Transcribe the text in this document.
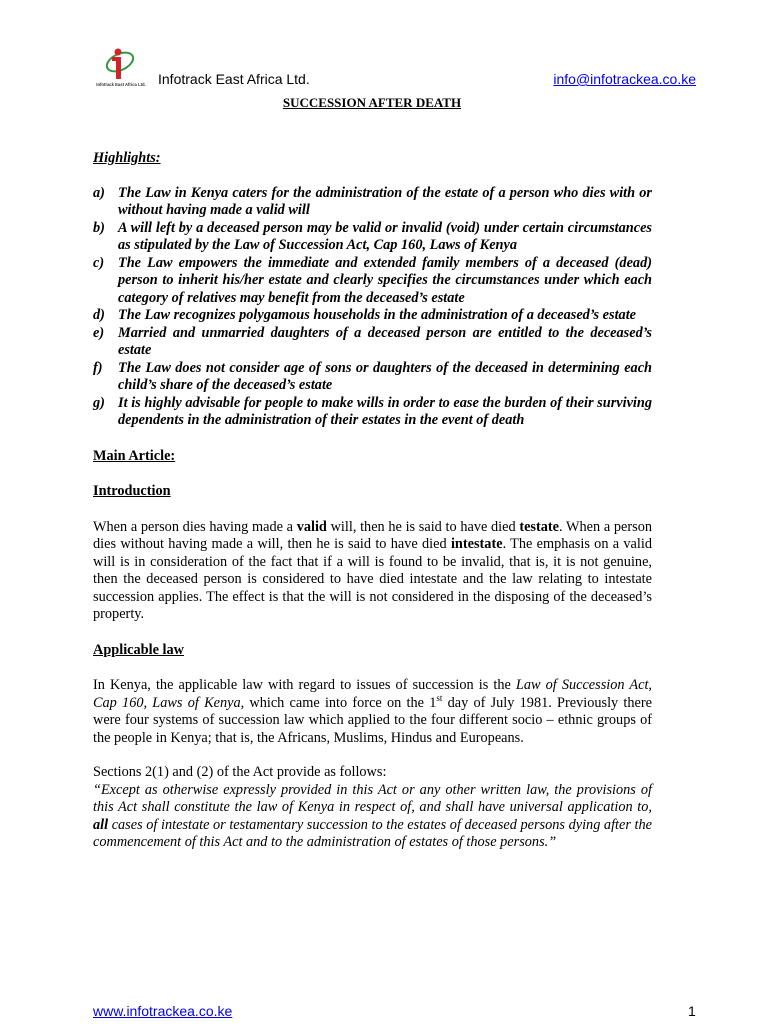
Infotrack East Africa Ltd. Infotrack East Africa Ltd.	info@infotrackea.co.ke
SUCCESSION AFTER DEATH
Highlights:
a) The Law in Kenya caters for the administration of the estate of a person who dies with or without having made a valid will
b) A will left by a deceased person may be valid or invalid (void) under certain circumstances as stipulated by the Law of Succession Act, Cap 160, Laws of Kenya
c) The Law empowers the immediate and extended family members of a deceased (dead) person to inherit his/her estate and clearly specifies the circumstances under which each category of relatives may benefit from the deceased’s estate
d) The Law recognizes polygamous households in the administration of a deceased’s estate
e) Married and unmarried daughters of a deceased person are entitled to the deceased’s estate
f) The Law does not consider age of sons or daughters of the deceased in determining each child’s share of the deceased’s estate
g) It is highly advisable for people to make wills in order to ease the burden of their surviving dependents in the administration of their estates in the event of death
Main Article:
Introduction

When a person dies having made a valid will, then he is said to have died testate. When a person dies without having made a will, then he is said to have died intestate. The emphasis on a valid will is in consideration of the fact that if a will is found to be invalid, that is, it is not genuine, then the deceased person is considered to have died intestate and the law relating to intestate succession applies. The effect is that the will is not considered in the disposing of the deceased’s property.

Applicable law

In Kenya, the applicable law with regard to issues of succession is the Law of Succession Act, Cap 160, Laws of Kenya, which came into force on the 1st day of July 1981. Previously there were four systems of succession law which applied to the four different socio – ethnic groups of the people in Kenya; that is, the Africans, Muslims, Hindus and Europeans.

Sections 2(1) and (2) of the Act provide as follows:

“Except as otherwise expressly provided in this Act or any other written law, the provisions of this Act shall constitute the law of Kenya in respect of, and shall have universal application to, all cases of intestate or testamentary succession to the estates of deceased persons dying after the commencement of this Act and to the administration of estates of those persons.”

www.infotrackea.co.ke	1
